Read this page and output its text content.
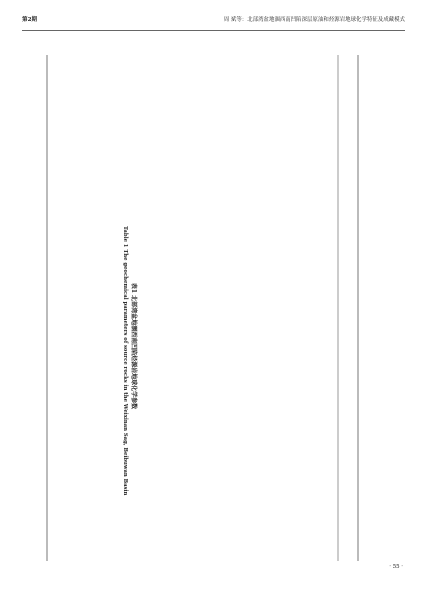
第2期	周 斌等：北部湾盆地涠西南凹陷深层原油和烃源岩地球化学特征及成藏模式
表1 北部湾盆地涠西南凹陷烃源岩地球化学参数
Table 1 The geochemical parameters of source rocks in the Weixinan Sag, Beibuwan Basin
· 55 ·
